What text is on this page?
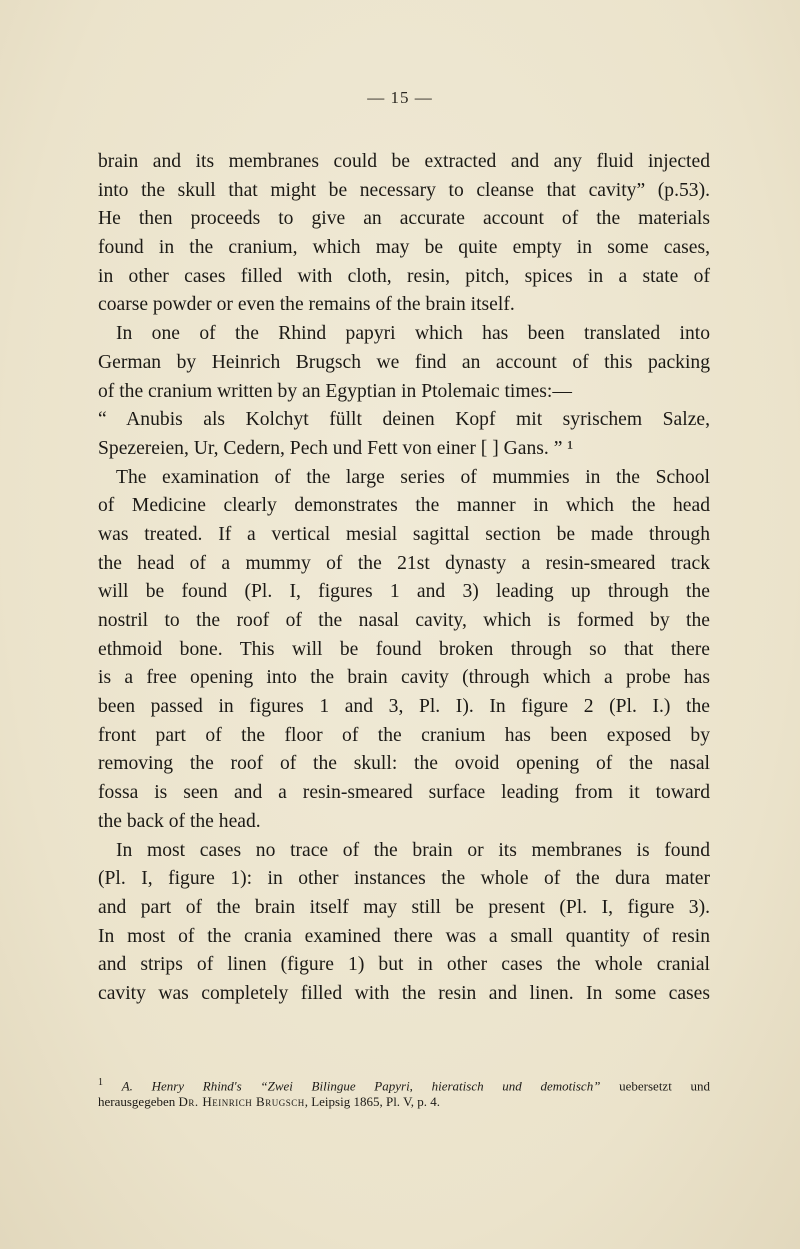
— 15 —
brain and its membranes could be extracted and any fluid injected
into the skull that might be necessary to cleanse that cavity” (p.53).
He then proceeds to give an accurate account of the materials
found in the cranium, which may be quite empty in some cases,
in other cases filled with cloth, resin, pitch, spices in a state of
coarse powder or even the remains of the brain itself.
In one of the Rhind papyri which has been translated into
German by Heinrich Brugsch we find an account of this packing
of the cranium written by an Egyptian in Ptolemaic times:—
“ Anubis als Kolchyt füllt deinen Kopf mit syrischem Salze,
Spezereien, Ur, Cedern, Pech und Fett von einer [ ] Gans. ” ¹
The examination of the large series of mummies in the School
of Medicine clearly demonstrates the manner in which the head
was treated. If a vertical mesial sagittal section be made through
the head of a mummy of the 21st dynasty a resin-smeared track
will be found (Pl. I, figures 1 and 3) leading up through the
nostril to the roof of the nasal cavity, which is formed by the
ethmoid bone. This will be found broken through so that there
is a free opening into the brain cavity (through which a probe has
been passed in figures 1 and 3, Pl. I). In figure 2 (Pl. I.) the
front part of the floor of the cranium has been exposed by
removing the roof of the skull: the ovoid opening of the nasal
fossa is seen and a resin-smeared surface leading from it toward
the back of the head.
In most cases no trace of the brain or its membranes is found
(Pl. I, figure 1): in other instances the whole of the dura mater
and part of the brain itself may still be present (Pl. I, figure 3).
In most of the crania examined there was a small quantity of resin
and strips of linen (figure 1) but in other cases the whole cranial
cavity was completely filled with the resin and linen. In some cases
$^1$ A. Henry Rhind's “Zwei Bilingue Papyri, hieratisch und demotisch” uebersetzt und
herausgegeben Dr. Heinrich Brugsch, Leipsig 1865, Pl. V, p. 4.
